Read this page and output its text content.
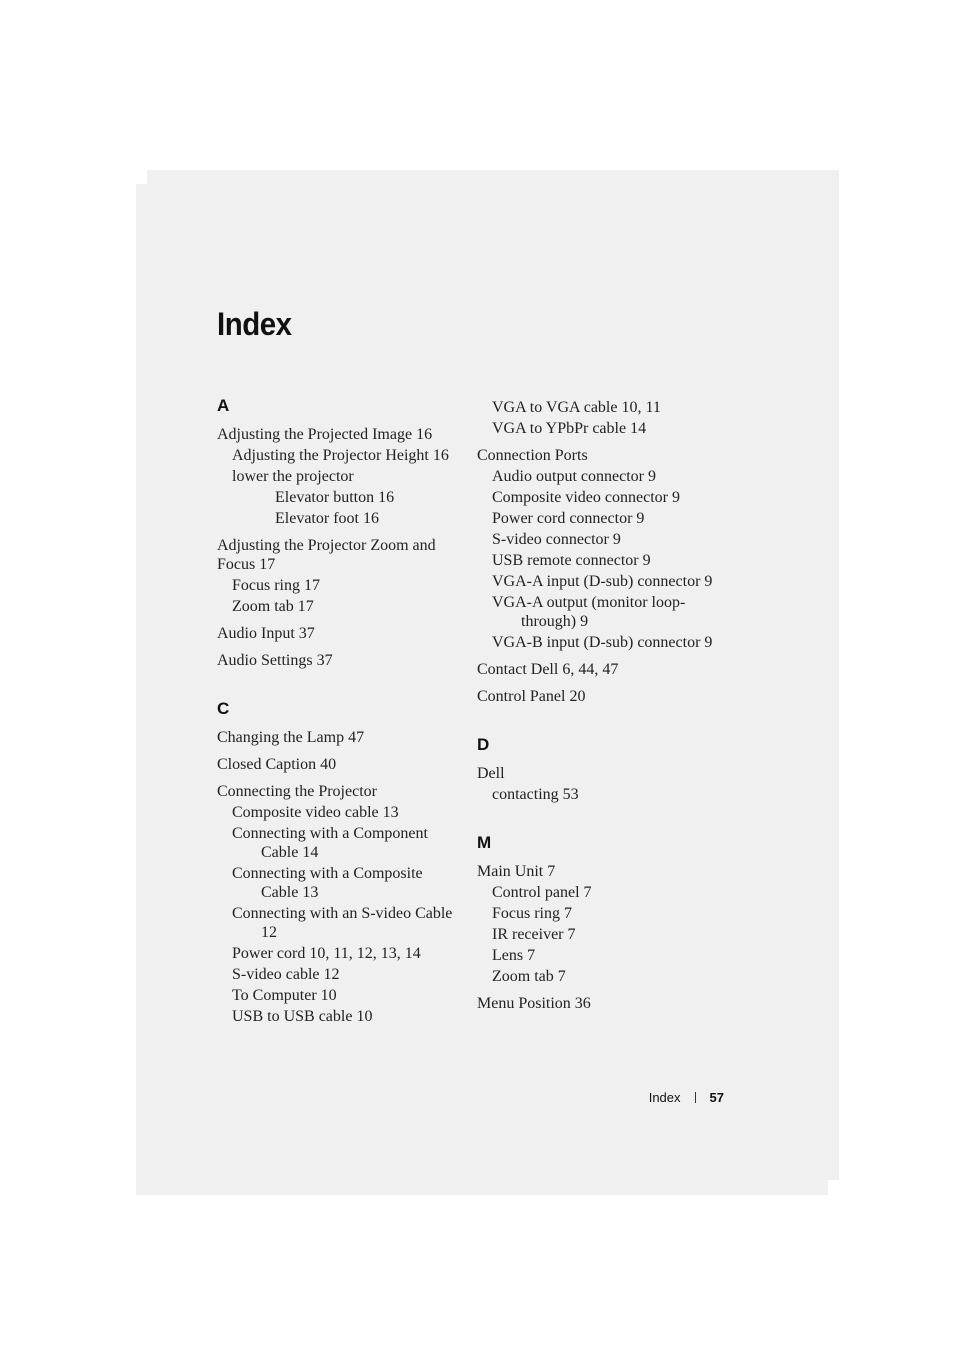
Index
A
Adjusting the Projected Image 16
Adjusting the Projector Height 16
lower the projector
Elevator button 16
Elevator foot 16
Adjusting the Projector Zoom and Focus 17
Focus ring 17
Zoom tab 17
Audio Input 37
Audio Settings 37
C
Changing the Lamp 47
Closed Caption 40
Connecting the Projector
Composite video cable 13
Connecting with a Component Cable 14
Connecting with a Composite Cable 13
Connecting with an S-video Cable 12
Power cord 10, 11, 12, 13, 14
S-video cable 12
To Computer 10
USB to USB cable 10
VGA to VGA cable 10, 11
VGA to YPbPr cable 14
Connection Ports
Audio output connector 9
Composite video connector 9
Power cord connector 9
S-video connector 9
USB remote connector 9
VGA-A input (D-sub) connector 9
VGA-A output (monitor loop-through) 9
VGA-B input (D-sub) connector 9
Contact Dell 6, 44, 47
Control Panel 20
D
Dell
contacting 53
M
Main Unit 7
Control panel 7
Focus ring 7
IR receiver 7
Lens 7
Zoom tab 7
Menu Position 36
Index 57
